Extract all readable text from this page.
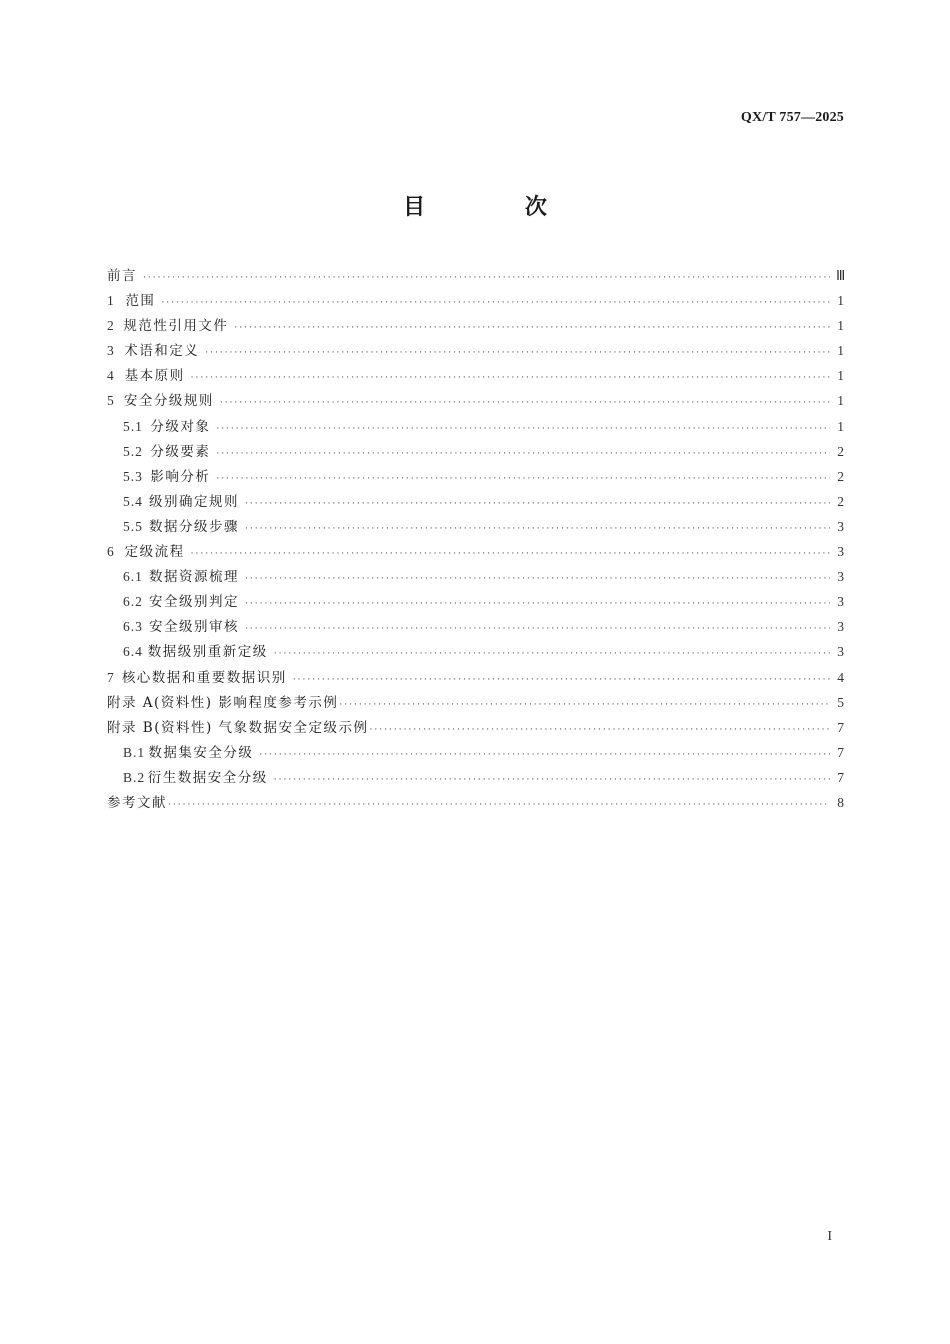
QX/T 757—2025
目 次
前言 ·····	Ⅲ
1 范围 ·····	1
2 规范性引用文件 ·····	1
3 术语和定义 ·····	1
4 基本原则 ·····	1
5 安全分级规则 ·····	1
5.1 分级对象 ·····	1
5.2 分级要素 ·····	2
5.3 影响分析 ·····	2
5.4 级别确定规则 ·····	2
5.5 数据分级步骤 ·····	3
6 定级流程 ·····	3
6.1 数据资源梳理 ·····	3
6.2 安全级别判定 ·····	3
6.3 安全级别审核 ·····	3
6.4 数据级别重新定级 ·····	3
7 核心数据和重要数据识别 ·····	4
附录 A(资料性) 影响程度参考示例 ·····	5
附录 B(资料性) 气象数据安全定级示例 ·····	7
B.1 数据集安全分级 ·····	7
B.2 衍生数据安全分级 ·····	7
参考文献 ·····	8
I
